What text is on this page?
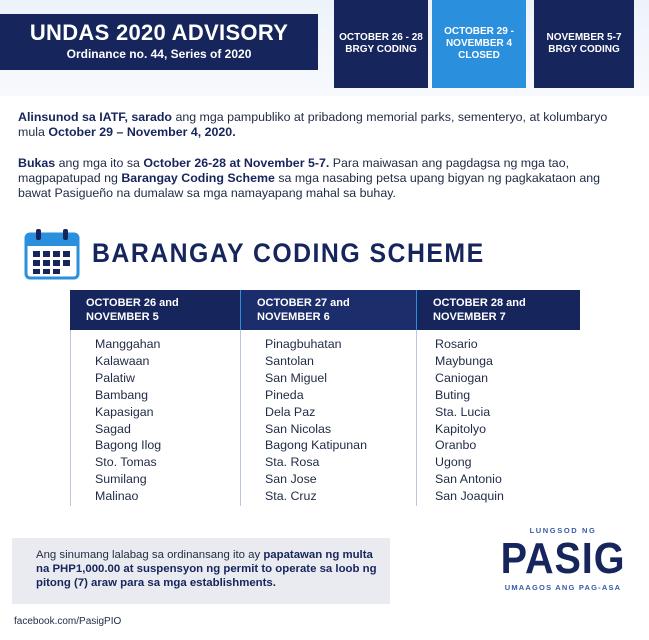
UNDAS 2020 ADVISORY
Ordinance no. 44, Series of 2020
OCTOBER 26 - 28
BRGY CODING
OCTOBER 29 -
NOVEMBER 4
CLOSED
NOVEMBER 5-7
BRGY CODING
Alinsunod sa IATF, sarado ang mga pampubliko at pribadong memorial parks, sementeryo, at kolumbaryo mula October 29 – November 4, 2020.
Bukas ang mga ito sa October 26-28 at November 5-7. Para maiwasan ang pagdagsa ng mga tao, magpapatupad ng Barangay Coding Scheme sa mga nasabing petsa upang bigyan ng pagkakataon ang bawat Pasigueño na dumalaw sa mga namayapang mahal sa buhay.
BARANGAY CODING SCHEME
OCTOBER 26 and
NOVEMBER 5
OCTOBER 27 and
NOVEMBER 6
OCTOBER 28 and
NOVEMBER 7
Manggahan
Kalawaan
Palatiw
Bambang
Kapasigan
Sagad
Bagong Ilog
Sto. Tomas
Sumilang
Malinao
Pinagbuhatan
Santolan
San Miguel
Pineda
Dela Paz
San Nicolas
Bagong Katipunan
Sta. Rosa
San Jose
Sta. Cruz
Rosario
Maybunga
Caniogan
Buting
Sta. Lucia
Kapitolyo
Oranbo
Ugong
San Antonio
San Joaquin
Ang sinumang lalabag sa ordinansang ito ay papatawan ng multa na PHP1,000.00 at suspensyon ng permit to operate sa loob ng pitong (7) araw para sa mga establishments.
facebook.com/PasigPIO
LUNGSOD NG
PASIG
UMAAGOS ANG PAG-ASA
